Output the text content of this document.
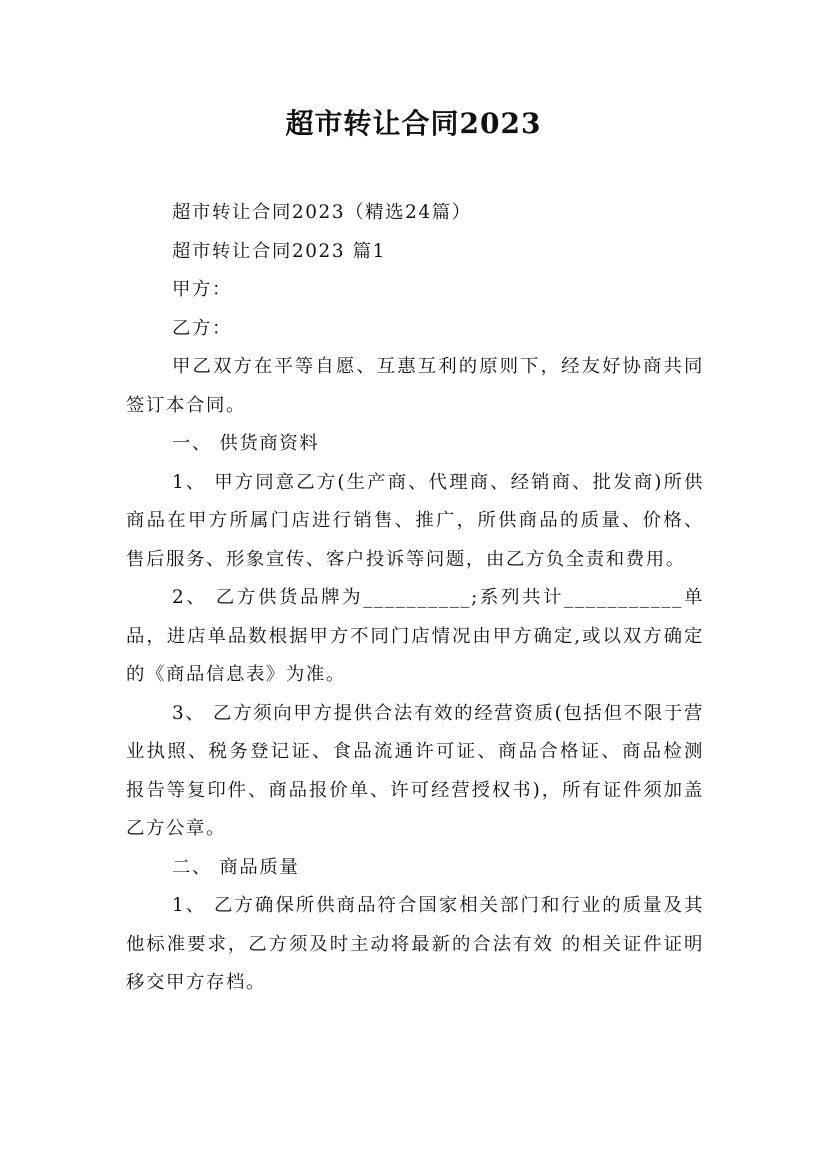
超市转让合同2023

超市转让合同2023（精选24篇）

超市转让合同2023 篇1

甲方：

乙方：

甲乙双方在平等自愿、互惠互利的原则下，经友好协商共同签订本合同。

一、 供货商资料

1、 甲方同意乙方(生产商、代理商、经销商、批发商)所供商品在甲方所属门店进行销售、推广，所供商品的质量、价格、售后服务、形象宣传、客户投诉等问题，由乙方负全责和费用。

2、 乙方供货品牌为__________;系列共计___________单品，进店单品数根据甲方不同门店情况由甲方确定,或以双方确定的《商品信息表》为准。

3、 乙方须向甲方提供合法有效的经营资质(包括但不限于营业执照、税务登记证、食品流通许可证、商品合格证、商品检测报告等复印件、商品报价单、许可经营授权书)，所有证件须加盖乙方公章。

二、 商品质量

1、 乙方确保所供商品符合国家相关部门和行业的质量及其他标准要求，乙方须及时主动将最新的合法有效 的相关证件证明移交甲方存档。
